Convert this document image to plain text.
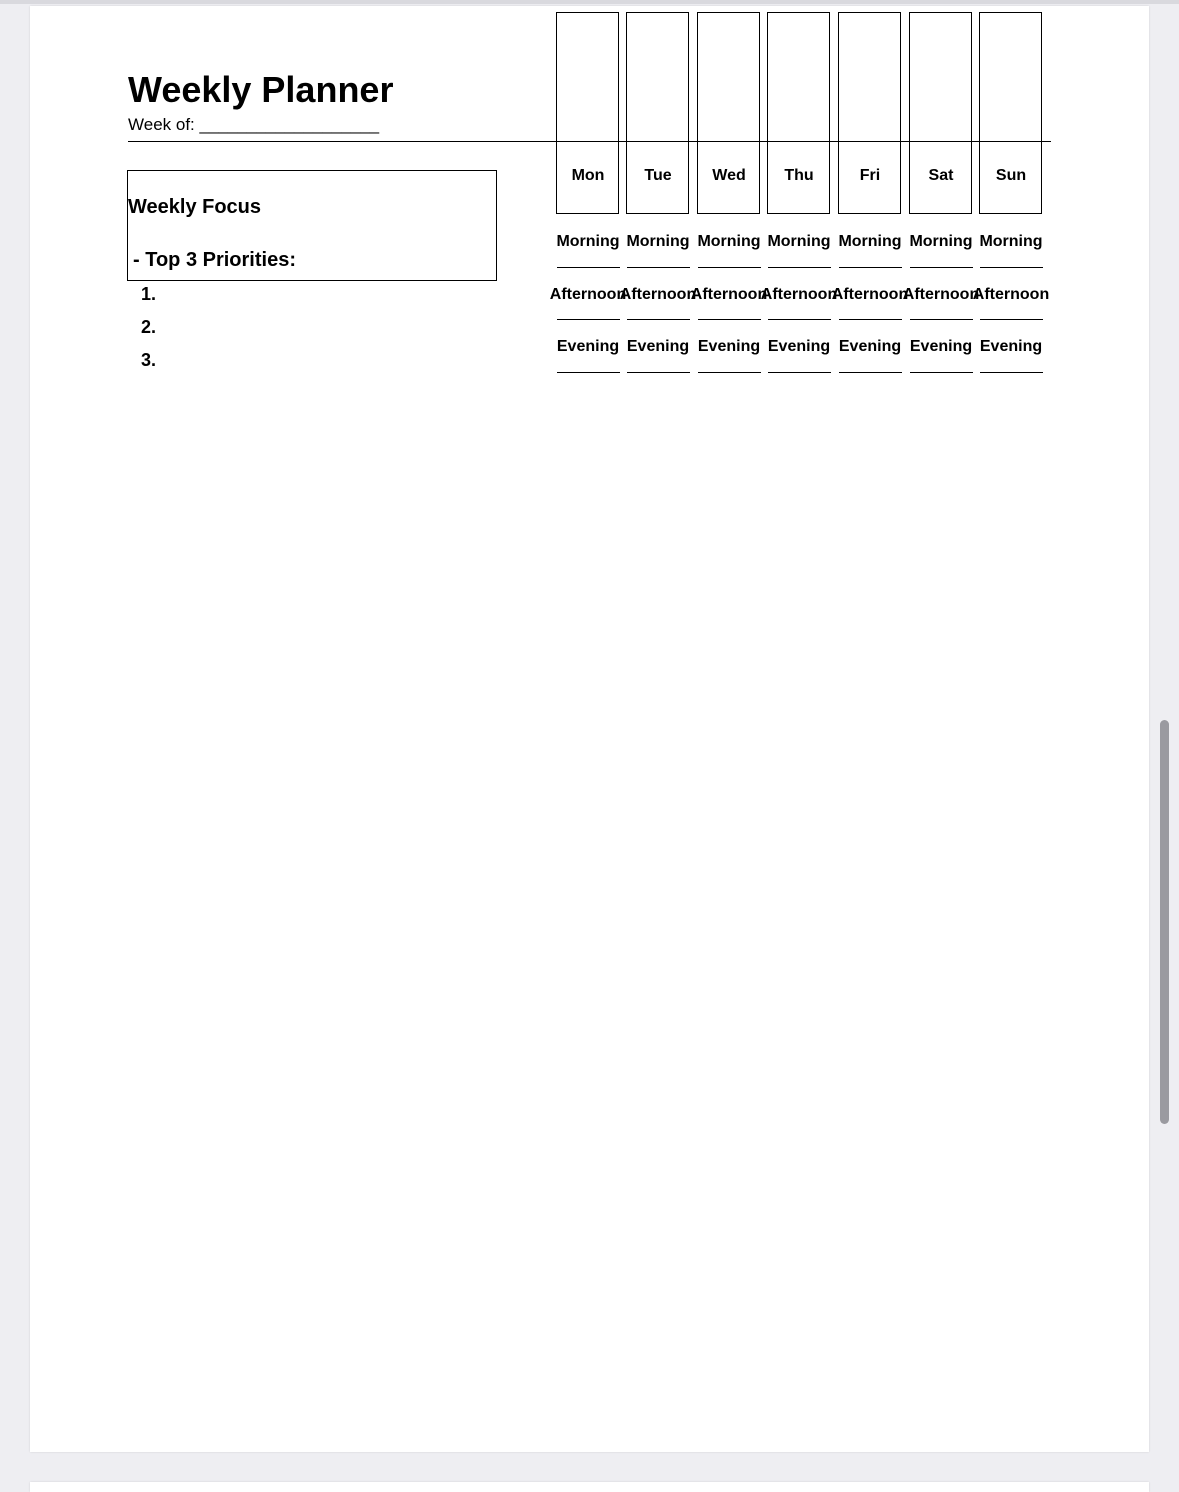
Weekly Planner
Week of: ___________________
Weekly Focus
- Top 3 Priorities:
1.
2.
3.
Mon
Morning
Afternoon
Evening
Tue
Morning
Afternoon
Evening
Wed
Morning
Afternoon
Evening
Thu
Morning
Afternoon
Evening
Fri
Morning
Afternoon
Evening
Sat
Morning
Afternoon
Evening
Sun
Morning
Afternoon
Evening
